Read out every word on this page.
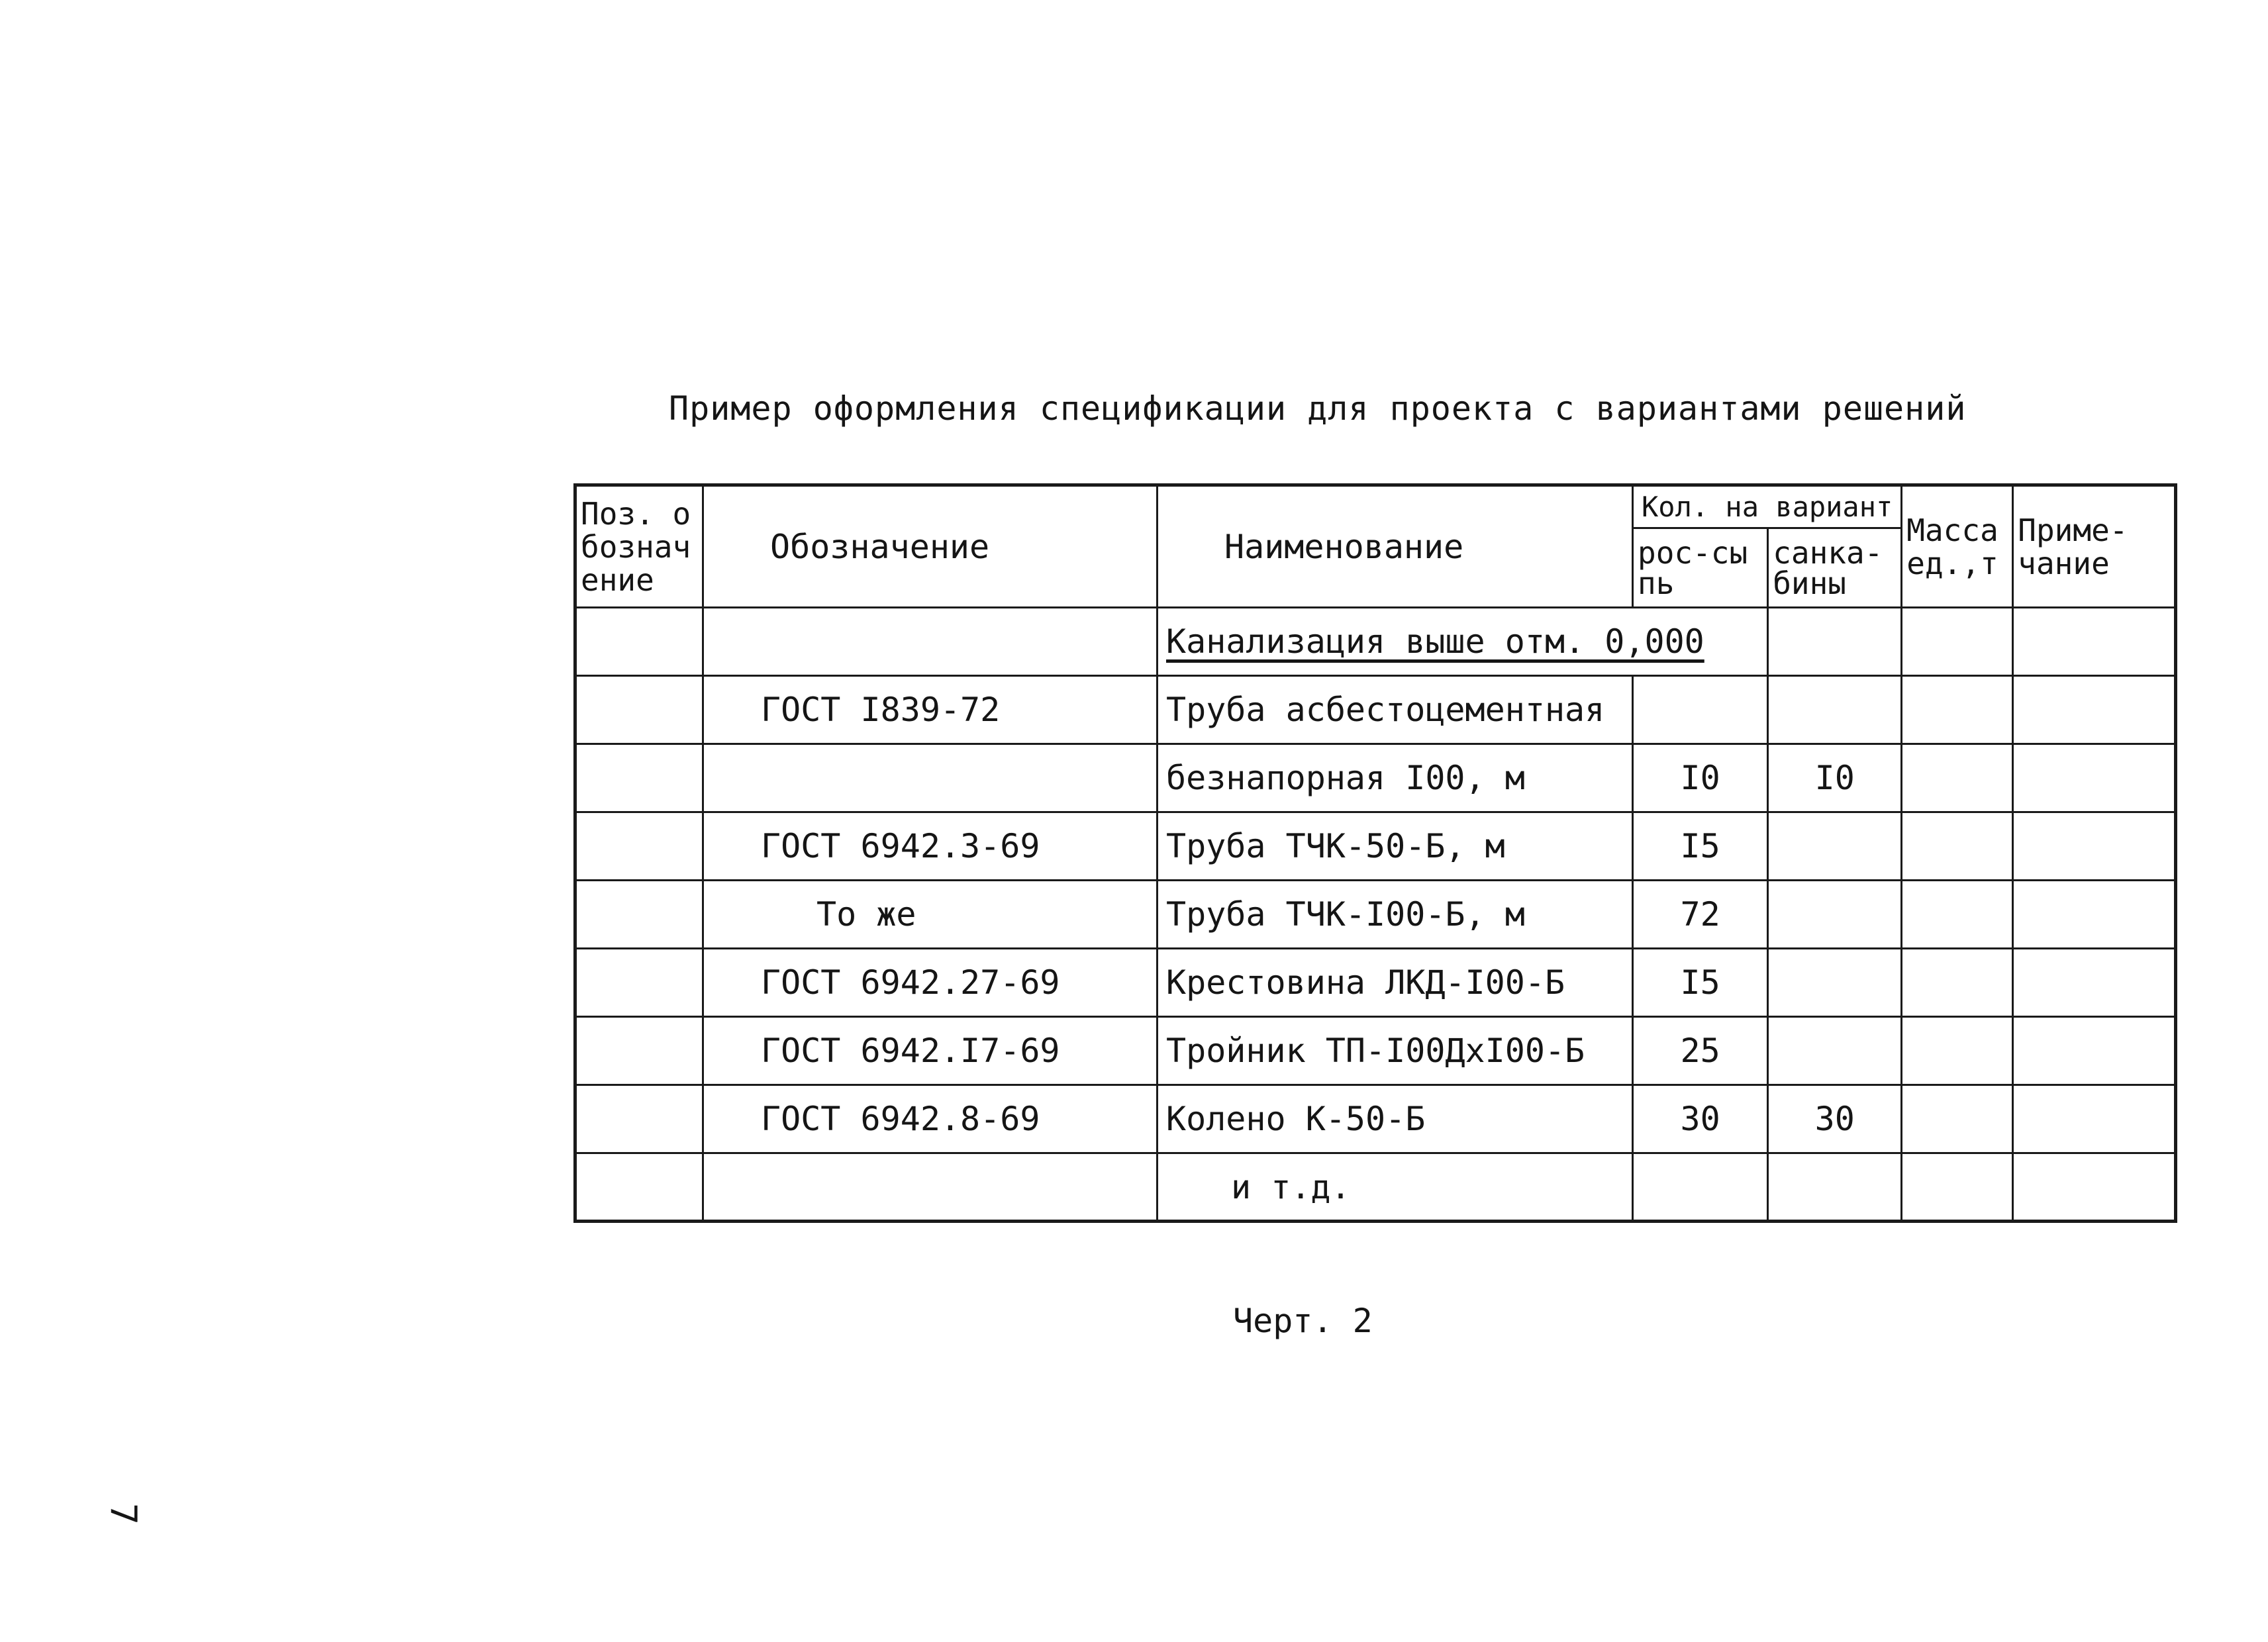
Пример оформления спецификации для проекта с вариантами решений
Поз. обозначение	Обозначение	Наименование	Кол. на вариант		Масса ед.,т	Приме-чание
			рос-сыпь	санка-бины		
		Канализация выше отм. 0,000				
	ГОСТ I839-72	Труба асбестоцементная				
		безнапорная I00, м	I0	I0		
	ГОСТ 6942.3-69	Труба ТЧК-50-Б, м	I5			
	То же	Труба ТЧК-I00-Б, м	72			
	ГОСТ 6942.27-69	Крестовина ЛКД-I00-Б	I5			
	ГОСТ 6942.I7-69	Тройник ТП-I00ДхI00-Б	25			
	ГОСТ 6942.8-69	Колено К-50-Б	30	30		
		и т.д.				
Черт. 2
7
